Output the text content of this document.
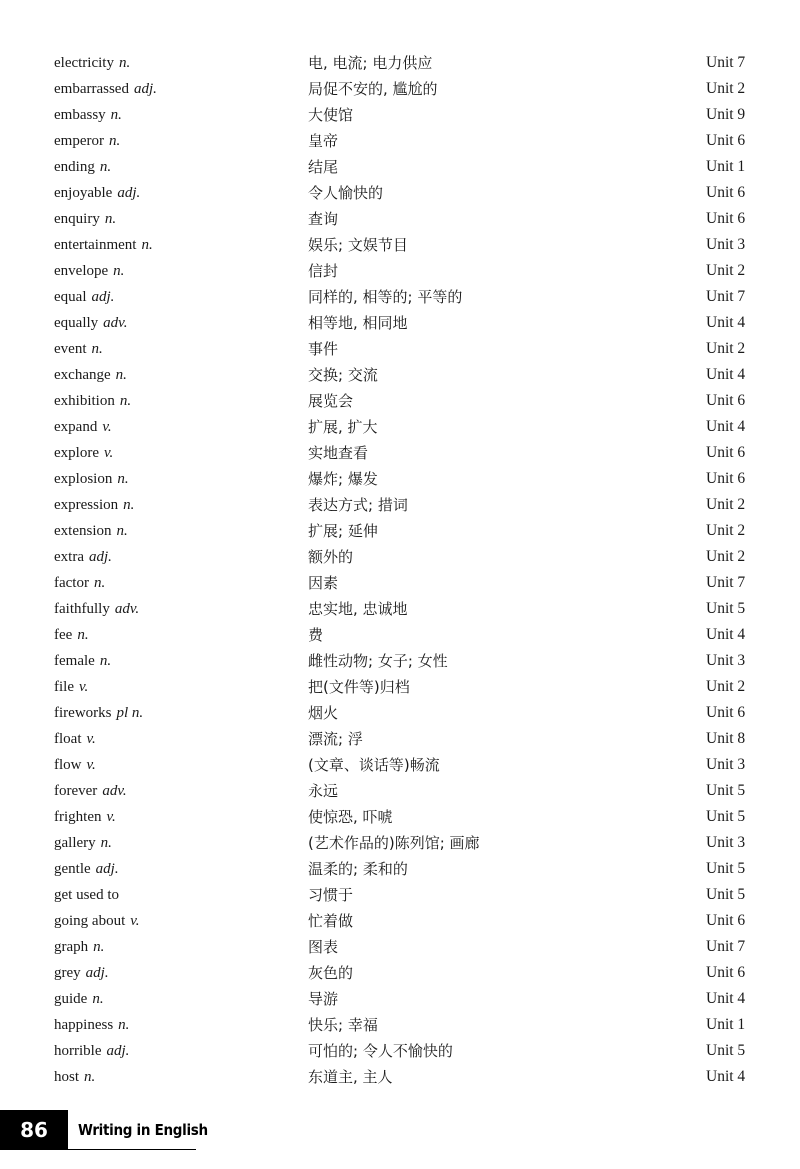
electricity n.	电, 电流; 电力供应	Unit 7
embarrassed adj.	局促不安的, 尴尬的	Unit 2
embassy n.	大使馆	Unit 9
emperor n.	皇帝	Unit 6
ending n.	结尾	Unit 1
enjoyable adj.	令人愉快的	Unit 6
enquiry n.	查询	Unit 6
entertainment n.	娱乐; 文娱节目	Unit 3
envelope n.	信封	Unit 2
equal adj.	同样的, 相等的; 平等的	Unit 7
equally adv.	相等地, 相同地	Unit 4
event n.	事件	Unit 2
exchange n.	交换; 交流	Unit 4
exhibition n.	展览会	Unit 6
expand v.	扩展, 扩大	Unit 4
explore v.	实地查看	Unit 6
explosion n.	爆炸; 爆发	Unit 6
expression n.	表达方式; 措词	Unit 2
extension n.	扩展; 延伸	Unit 2
extra adj.	额外的	Unit 2
factor n.	因素	Unit 7
faithfully adv.	忠实地, 忠诚地	Unit 5
fee n.	费	Unit 4
female n.	雌性动物; 女子; 女性	Unit 3
file v.	把(文件等)归档	Unit 2
fireworks pl n.	烟火	Unit 6
float v.	漂流; 浮	Unit 8
flow v.	(文章、谈话等)畅流	Unit 3
forever adv.	永远	Unit 5
frighten v.	使惊恐, 吓唬	Unit 5
gallery n.	(艺术作品的)陈列馆; 画廊	Unit 3
gentle adj.	温柔的; 柔和的	Unit 5
get used to	习惯于	Unit 5
going about v.	忙着做	Unit 6
graph n.	图表	Unit 7
grey adj.	灰色的	Unit 6
guide n.	导游	Unit 4
happiness n.	快乐; 幸福	Unit 1
horrible adj.	可怕的; 令人不愉快的	Unit 5
host n.	东道主, 主人	Unit 4
86	Writing in English
